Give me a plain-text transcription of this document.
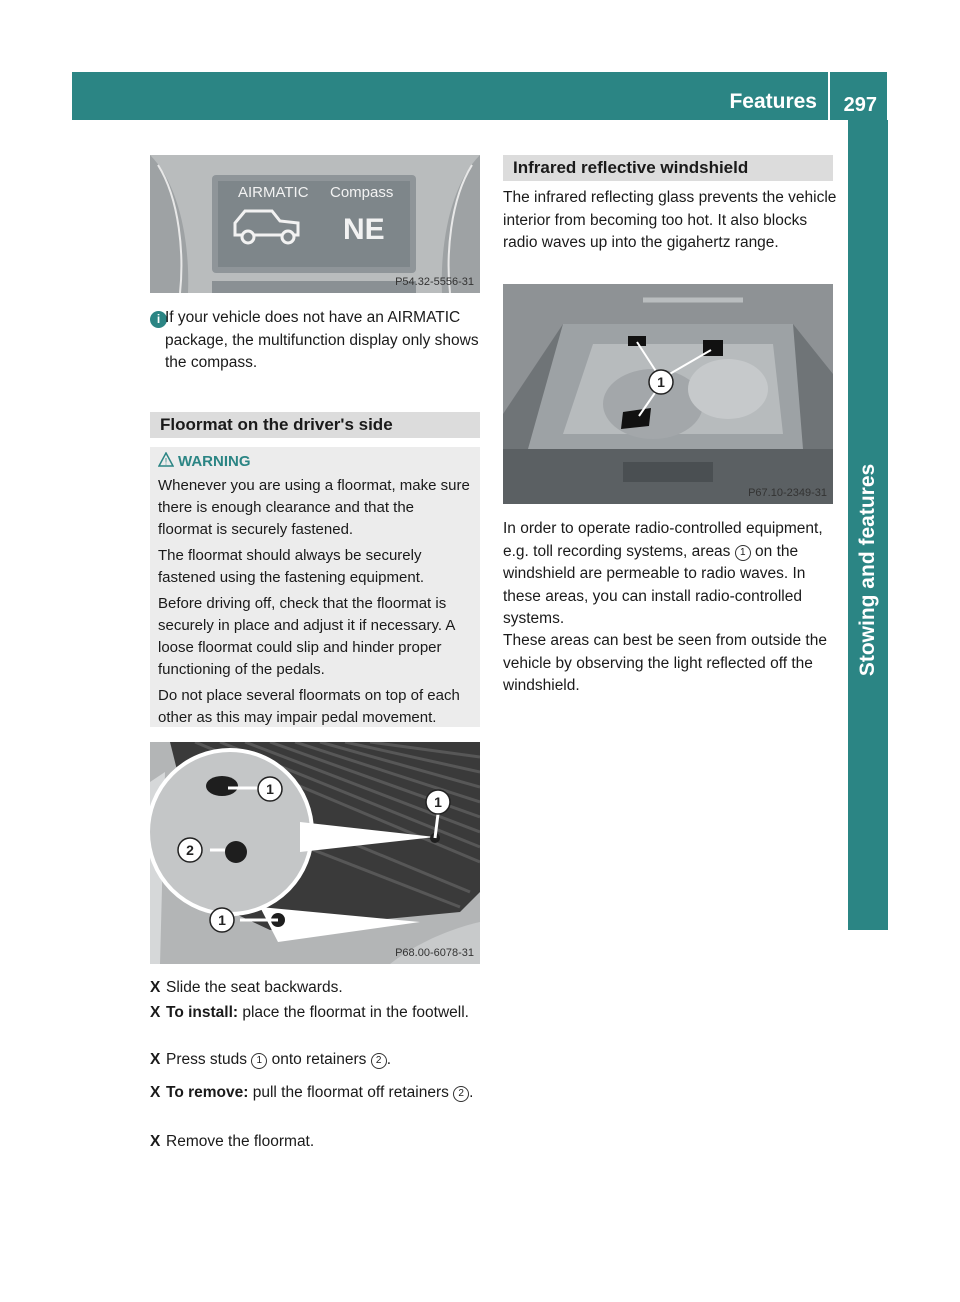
Features 297
Stowing and features
AIRMATIC Compass
NE
P54.32-5556-31
i If your vehicle does not have an AIRMATIC package, the multifunction display only shows the compass.
Floormat on the driver's side
! WARNING

Whenever you are using a floormat, make sure there is enough clearance and that the floormat is securely fastened.

The floormat should always be securely fastened using the fastening equipment.

Before driving off, check that the floormat is securely in place and adjust it if necessary. A loose floormat could slip and hinder proper functioning of the pedals.

Do not place several floormats on top of each other as this may impair pedal movement.

1
1
2
1
P68.00-6078-31
X Slide the seat backwards.
X To install: place the floormat in the footwell.
X Press studs 1 onto retainers 2 .
X To remove: pull the floormat off retainers 2 .
X Remove the floormat.
Infrared reflective windshield
The infrared reflecting glass prevents the vehicle interior from becoming too hot. It also blocks radio waves up into the gigahertz range.
1
P67.10-2349-31
In order to operate radio-controlled equipment, e.g. toll recording systems, areas 1 on the windshield are permeable to radio waves. In these areas, you can install radio-controlled systems.
These areas can best be seen from outside the vehicle by observing the light reflected off the windshield.
